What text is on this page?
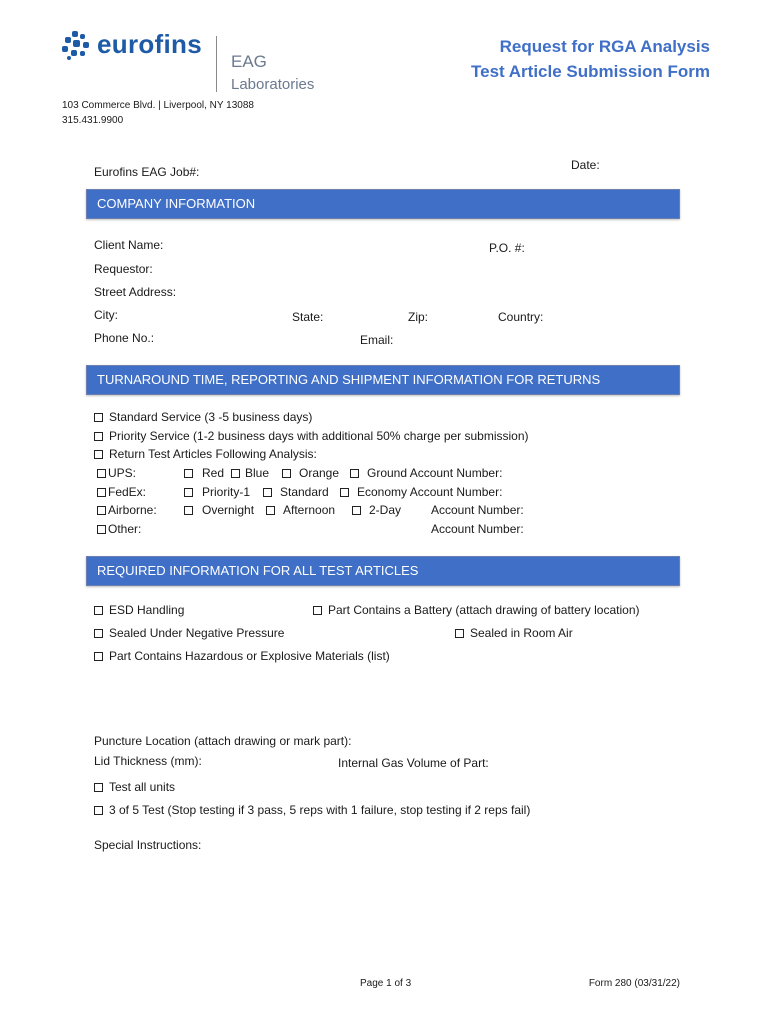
eurofins
EAG
Laboratories
Request for RGA Analysis
Test Article Submission Form
103 Commerce Blvd. | Liverpool, NY 13088
315.431.9900
Eurofins EAG Job#:	Date:
COMPANY INFORMATION
Client Name:	P.O. #:
Requestor:
Street Address:
City:	State:	Zip:	Country:
Phone No.:	Email:
TURNAROUND TIME, REPORTING AND SHIPMENT INFORMATION FOR RETURNS
Standard Service (3 -5 business days)
Priority Service (1-2 business days with additional 50% charge per submission)
Return Test Articles Following Analysis:
UPS:	Red	Blue	Orange	Ground Account Number:
FedEx:	Priority-1	Standard	Economy Account Number:
Airborne:	Overnight	Afternoon	2-Day Account Number:
Other:	Account Number:
REQUIRED INFORMATION FOR ALL TEST ARTICLES
ESD Handling	Part Contains a Battery (attach drawing of battery location)
Sealed Under Negative Pressure	Sealed in Room Air
Part Contains Hazardous or Explosive Materials (list)
Puncture Location (attach drawing or mark part):
Lid Thickness (mm):	Internal Gas Volume of Part:
Test all units
3 of 5 Test (Stop testing if 3 pass, 5 reps with 1 failure, stop testing if 2 reps fail)
Special Instructions:
Page 1 of 3	Form 280 (03/31/22)
